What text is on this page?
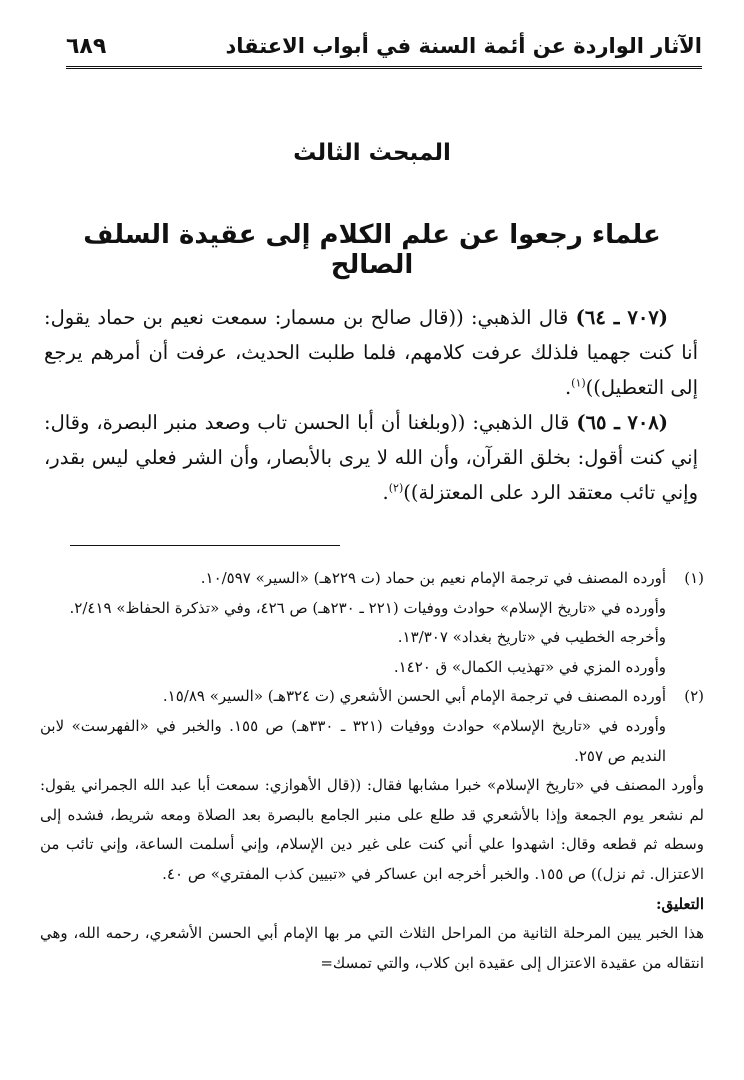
الآثار الواردة عن أئمة السنة في أبواب الاعتقاد
٦٨٩
المبحث الثالث
علماء رجعوا عن علم الكلام إلى عقيدة السلف الصالح

(٧٠٧ ـ ٦٤) قال الذهبي: ((قال صالح بن مسمار: سمعت نعيم بن حماد يقول: أنا كنت جهميا فلذلك عرفت كلامهم، فلما طلبت الحديث، عرفت أن أمرهم يرجع إلى التعطيل))$^{(١)}$.

(٧٠٨ ـ ٦٥) قال الذهبي: ((وبلغنا أن أبا الحسن تاب وصعد منبر البصرة، وقال: إني كنت أقول: بخلق القرآن، وأن الله لا يرى بالأبصار، وأن الشر فعلي ليس بقدر، وإني تائب معتقد الرد على المعتزلة))$^{(٢)}$.

(١)

أورده المصنف في ترجمة الإمام نعيم بن حماد (ت ٢٢٩هـ) «السير» ١٠/٥٩٧.

وأورده في «تاريخ الإسلام» حوادث ووفيات (٢٢١ ـ ٢٣٠هـ) ص ٤٢٦، وفي «تذكرة الحفاظ» ٢/٤١٩.

وأخرجه الخطيب في «تاريخ بغداد» ١٣/٣٠٧.

وأورده المزي في «تهذيب الكمال» ق ١٤٢٠.

(٢)

أورده المصنف في ترجمة الإمام أبي الحسن الأشعري (ت ٣٢٤هـ) «السير» ١٥/٨٩.

وأورده في «تاريخ الإسلام» حوادث ووفيات (٣٢١ ـ ٣٣٠هـ) ص ١٥٥. والخبر في «الفهرست» لابن النديم ص ٢٥٧.

وأورد المصنف في «تاريخ الإسلام» خبرا مشابها فقال: ((قال الأهوازي: سمعت أبا عبد الله الجمراني يقول: لم نشعر يوم الجمعة وإذا بالأشعري قد طلع على منبر الجامع بالبصرة بعد الصلاة ومعه شريط، فشده إلى وسطه ثم قطعه وقال: اشهدوا علي أني كنت على غير دين الإسلام، وإني أسلمت الساعة، وإني تائب من الاعتزال. ثم نزل)) ص ١٥٥. والخبر أخرجه ابن عساكر في «تبيين كذب المفتري» ص ٤٠.

التعليق:

هذا الخبر يبين المرحلة الثانية من المراحل الثلاث التي مر بها الإمام أبي الحسن الأشعري، رحمه الله، وهي انتقاله من عقيدة الاعتزال إلى عقيدة ابن كلاب، والتي تمسك=
